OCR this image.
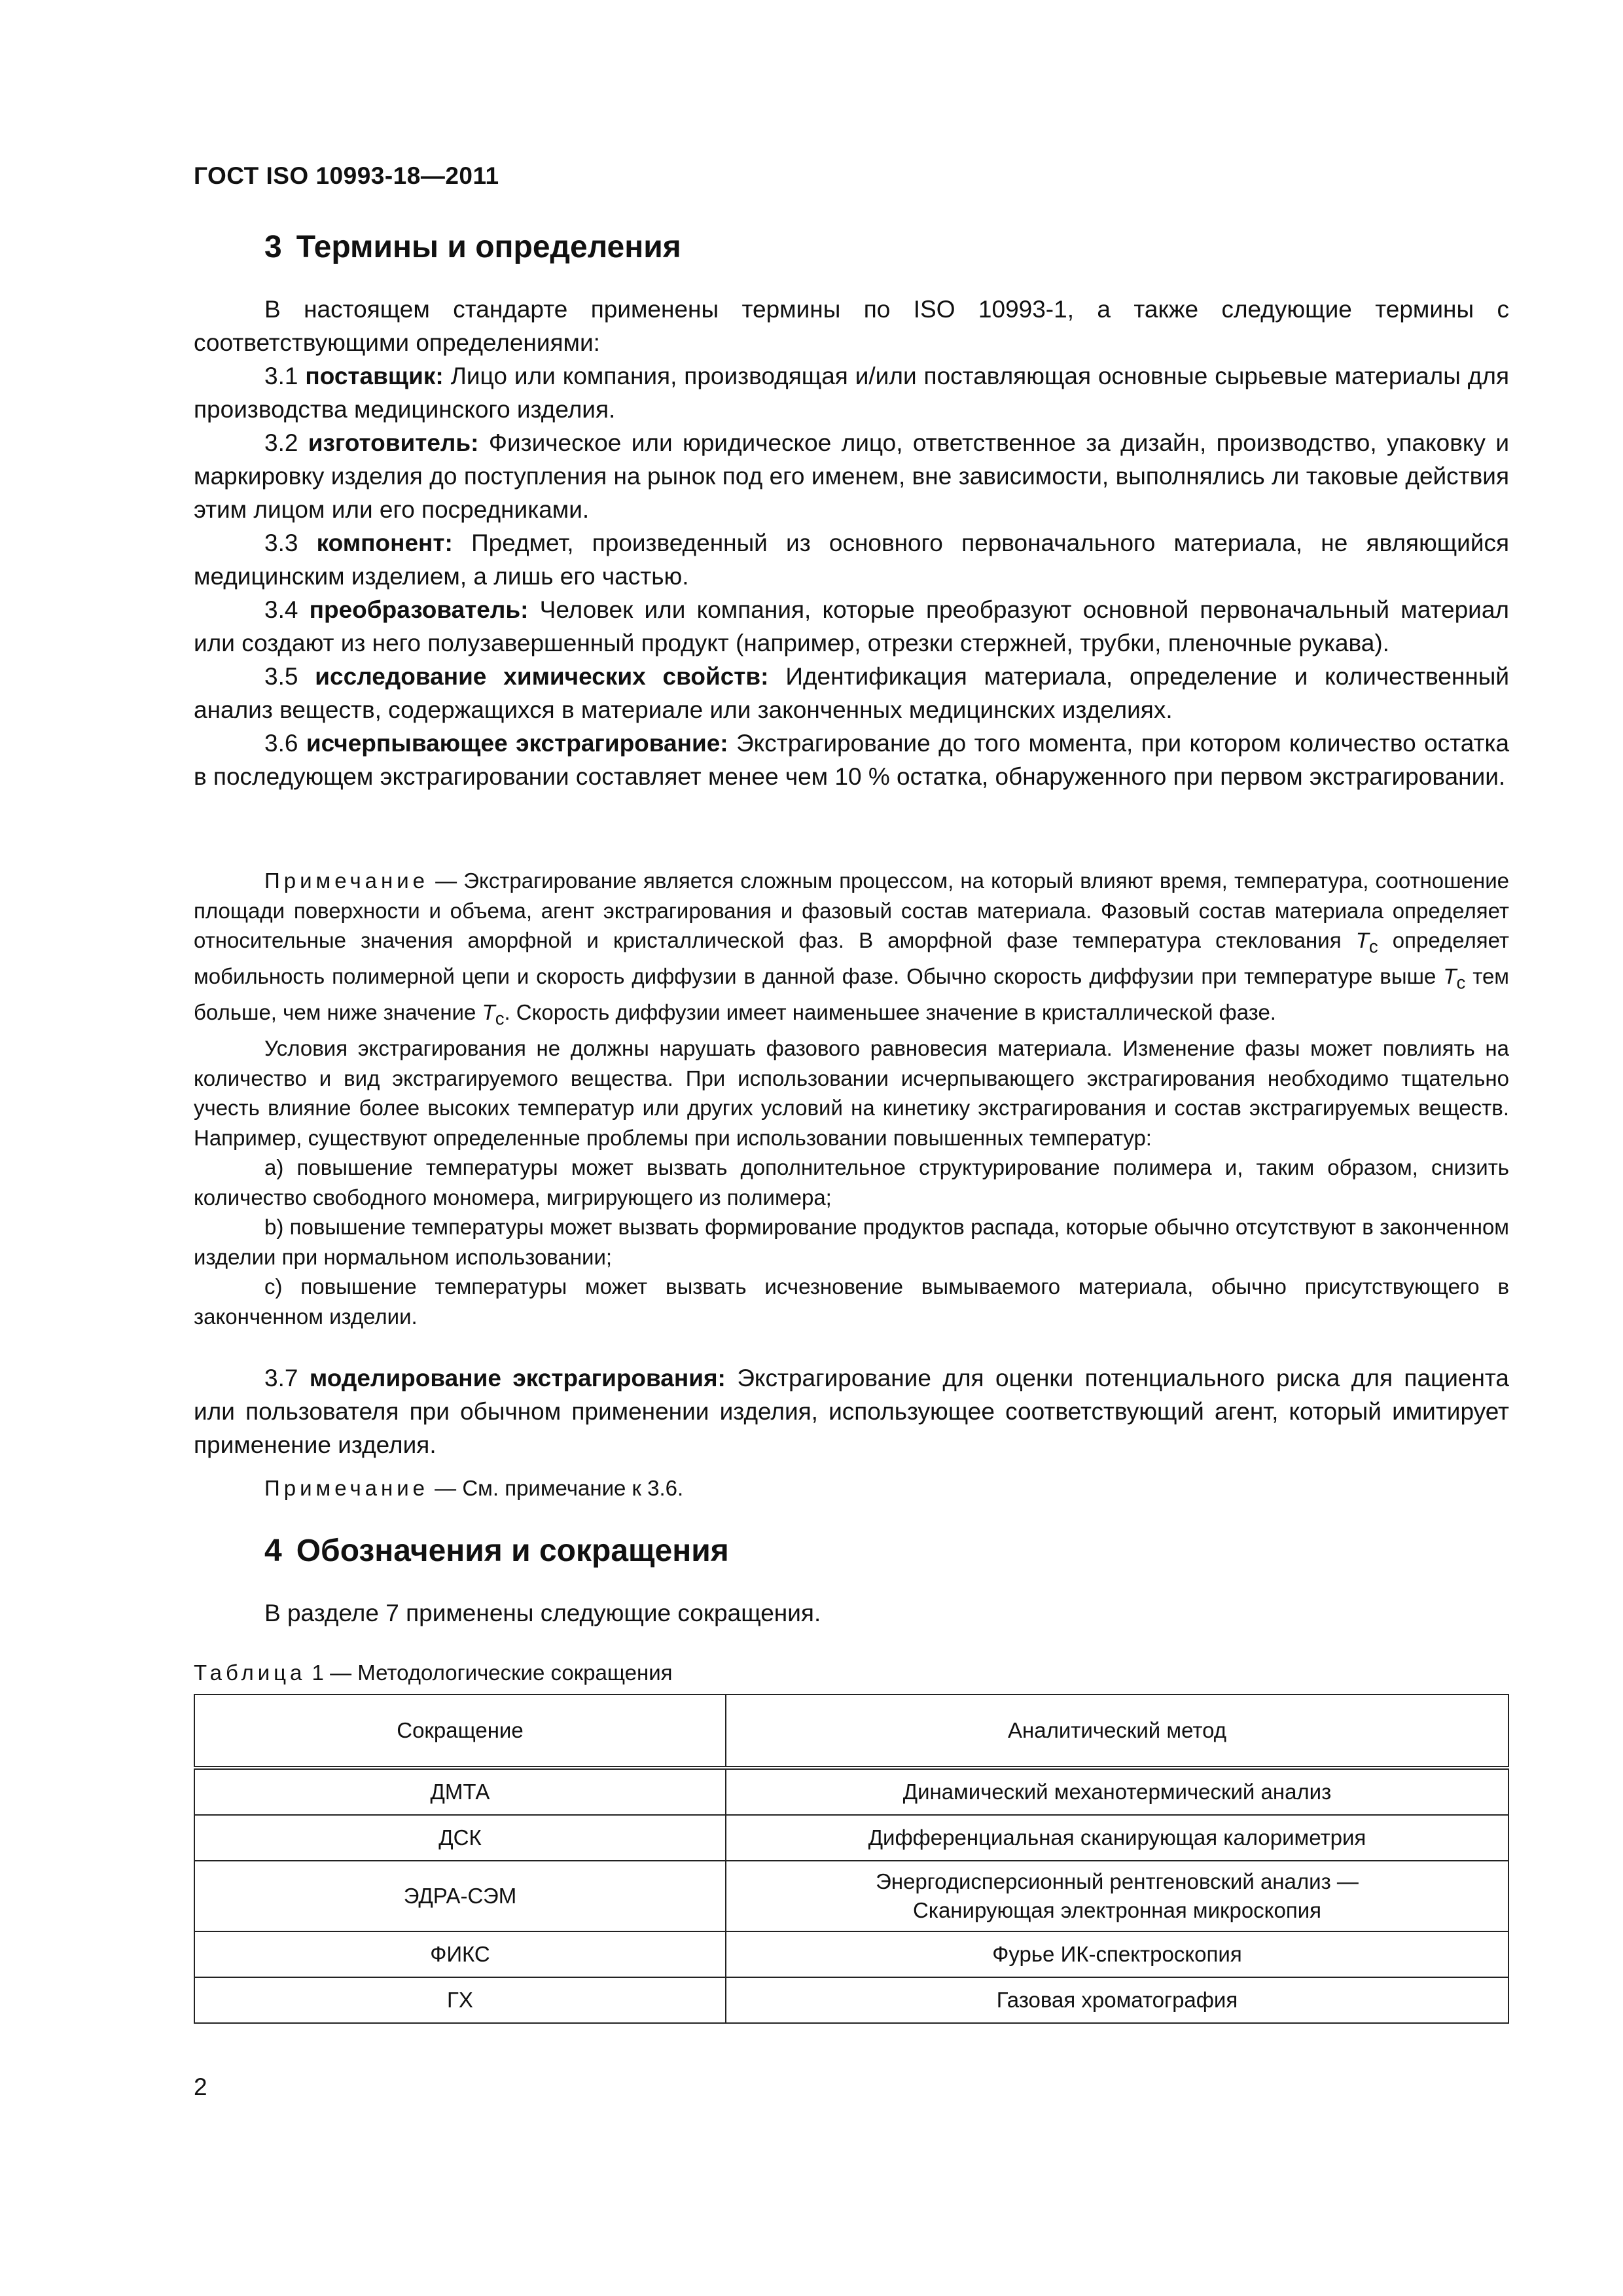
ГОСТ ISO 10993-18—2011
3 Термины и определения

В настоящем стандарте применены термины по ISO 10993-1, а также следующие термины с соответствующими определениями:

3.1 поставщик: Лицо или компания, производящая и/или поставляющая основные сырьевые материалы для производства медицинского изделия.

3.2 изготовитель: Физическое или юридическое лицо, ответственное за дизайн, производство, упаковку и маркировку изделия до поступления на рынок под его именем, вне зависимости, выполнялись ли таковые действия этим лицом или его посредниками.

3.3 компонент: Предмет, произведенный из основного первоначального материала, не являющийся медицинским изделием, а лишь его частью.

3.4 преобразователь: Человек или компания, которые преобразуют основной первоначальный материал или создают из него полузавершенный продукт (например, отрезки стержней, трубки, пленочные рукава).

3.5 исследование химических свойств: Идентификация материала, определение и количественный анализ веществ, содержащихся в материале или законченных медицинских изделиях.

3.6 исчерпывающее экстрагирование: Экстрагирование до того момента, при котором количество остатка в последующем экстрагировании составляет менее чем 10 % остатка, обнаруженного при первом экстрагировании.

Примечание — Экстрагирование является сложным процессом, на который влияют время, температура, соотношение площади поверхности и объема, агент экстрагирования и фазовый состав материала. Фазовый состав материала определяет относительные значения аморфной и кристаллической фаз. В аморфной фазе температура стеклования $T_c$ определяет мобильность полимерной цепи и скорость диффузии в данной фазе. Обычно скорость диффузии при температуре выше $T_c$ тем больше, чем ниже значение $T_c$. Скорость диффузии имеет наименьшее значение в кристаллической фазе.

Условия экстрагирования не должны нарушать фазового равновесия материала. Изменение фазы может повлиять на количество и вид экстрагируемого вещества. При использовании исчерпывающего экстрагирования необходимо тщательно учесть влияние более высоких температур или других условий на кинетику экстрагирования и состав экстрагируемых веществ. Например, существуют определенные проблемы при использовании повышенных температур:

a) повышение температуры может вызвать дополнительное структурирование полимера и, таким образом, снизить количество свободного мономера, мигрирующего из полимера;

b) повышение температуры может вызвать формирование продуктов распада, которые обычно отсутствуют в законченном изделии при нормальном использовании;

c) повышение температуры может вызвать исчезновение вымываемого материала, обычно присутствующего в законченном изделии.

3.7 моделирование экстрагирования: Экстрагирование для оценки потенциального риска для пациента или пользователя при обычном применении изделия, использующее соответствующий агент, который имитирует применение изделия.

Примечание — См. примечание к 3.6.

4 Обозначения и сокращения
В разделе 7 применены следующие сокращения.
Таблица 1 — Методологические сокращения
Сокращение	Аналитический метод
ДМТА	Динамический механотермический анализ
ДСК	Дифференциальная сканирующая калориметрия
ЭДРА-СЭМ	Энергодисперсионный рентгеновский анализ —
Сканирующая электронная микроскопия
ФИКС	Фурье ИК-спектроскопия
ГХ	Газовая хроматография
2
